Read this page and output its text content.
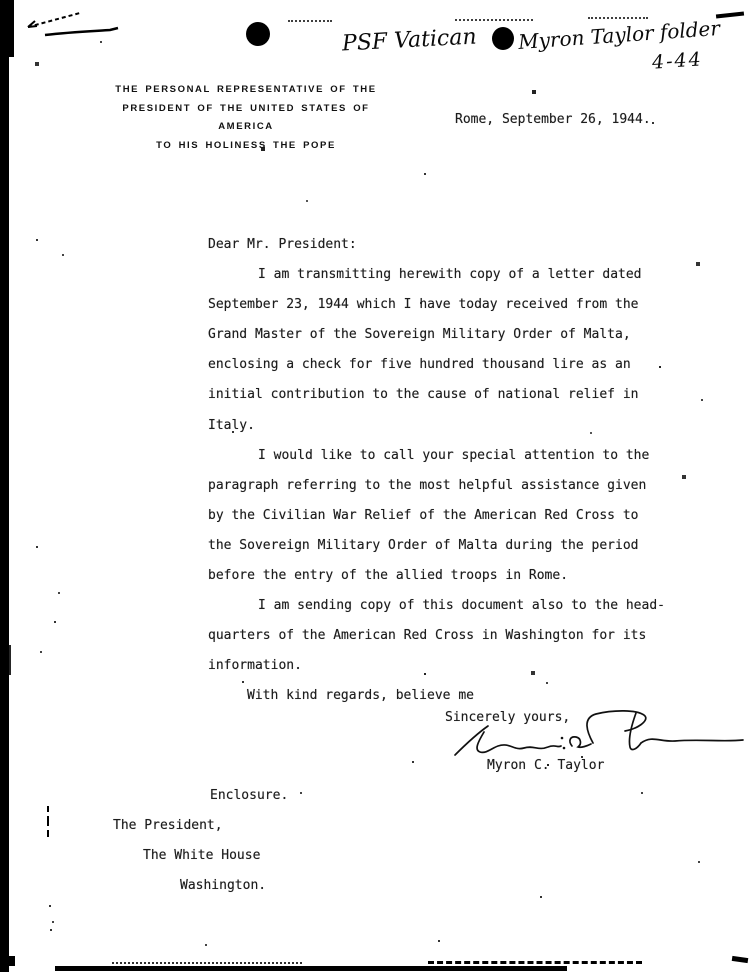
PSF Vatican Myron Taylor folder
4-44
THE PERSONAL REPRESENTATIVE OF THE
PRESIDENT OF THE UNITED STATES OF AMERICA
TO HIS HOLINESS THE POPE
Rome, September 26, 1944.
Dear Mr. President:
I am transmitting herewith copy of a letter dated
September 23, 1944 which I have today received from the
Grand Master of the Sovereign Military Order of Malta,
enclosing a check for five hundred thousand lire as an
initial contribution to the cause of national relief in
Italy.
I would like to call your special attention to the
paragraph referring to the most helpful assistance given
by the Civilian War Relief of the American Red Cross to
the Sovereign Military Order of Malta during the period
before the entry of the allied troops in Rome.
I am sending copy of this document also to the head-
quarters of the American Red Cross in Washington for its
information.
With kind regards, believe me
Sincerely yours,
Myron C. Taylor
Enclosure.
The President,
The White House
Washington.
